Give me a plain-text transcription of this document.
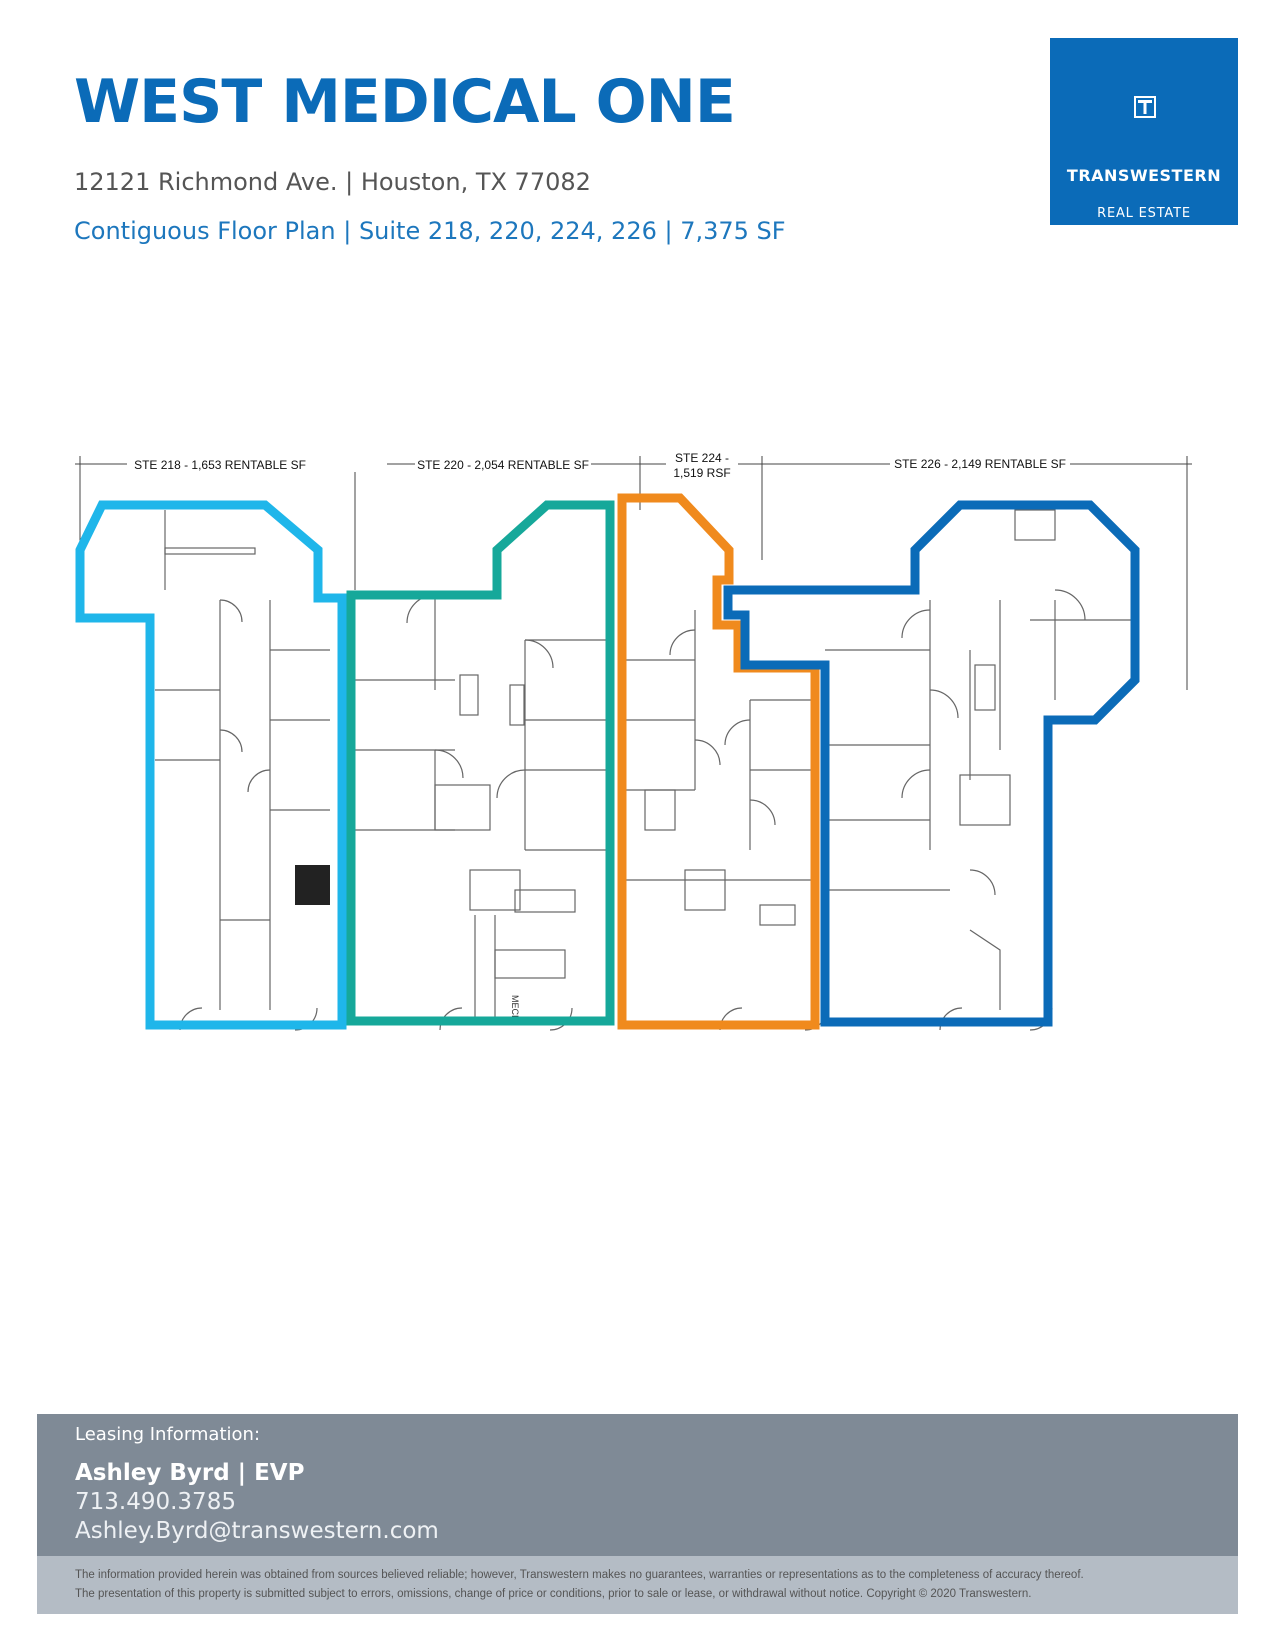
WEST MEDICAL ONE
12121 Richmond Ave. | Houston, TX 77082
Contiguous Floor Plan | Suite 218, 220, 224, 226 | 7,375 SF
TRANSWESTERN
REAL ESTATE
SERVICES
STE 218 - 1,653 RENTABLE SF	STE 220 - 2,054 RENTABLE SF	STE 224 -
1,519 RSF
STE 226 - 2,149 RENTABLE SF
MECH
Leasing Information:
Ashley Byrd | EVP
713.490.3785
Ashley.Byrd@transwestern.com
The information provided herein was obtained from sources believed reliable; however, Transwestern makes no guarantees, warranties or representations as to the completeness of accuracy thereof.
The presentation of this property is submitted subject to errors, omissions, change of price or conditions, prior to sale or lease, or withdrawal without notice. Copyright © 2020 Transwestern.
